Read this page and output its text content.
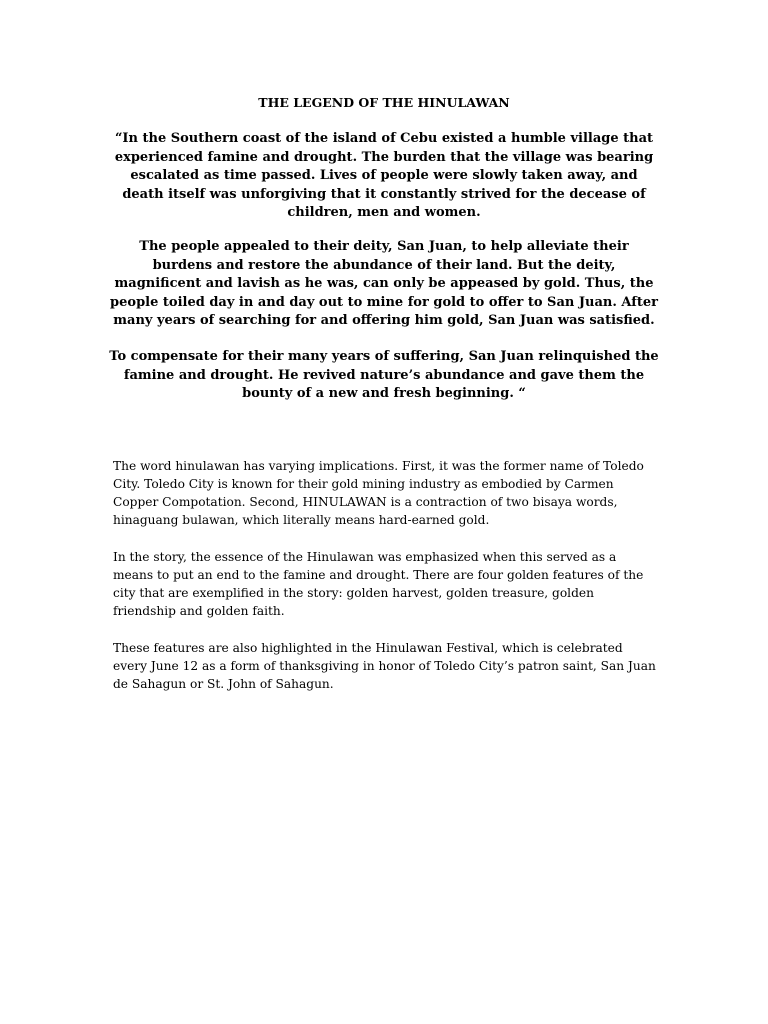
THE LEGEND OF THE HINULAWAN

“In the Southern coast of the island of Cebu existed a humble village that experienced famine and drought. The burden that the village was bearing escalated as time passed. Lives of people were slowly taken away, and death itself was unforgiving that it constantly strived for the decease of children, men and women.

The people appealed to their deity, San Juan, to help alleviate their burdens and restore the abundance of their land. But the deity, magnificent and lavish as he was, can only be appeased by gold. Thus, the people toiled day in and day out to mine for gold to offer to San Juan. After many years of searching for and offering him gold, San Juan was satisfied.

To compensate for their many years of suffering, San Juan relinquished the famine and drought. He revived nature’s abundance and gave them the bounty of a new and fresh beginning. “

The word hinulawan has varying implications. First, it was the former name of Toledo City. Toledo City is known for their gold mining industry as embodied by Carmen Copper Compotation. Second, HINULAWAN is a contraction of two bisaya words, hinaguang bulawan, which literally means hard-earned gold.

In the story, the essence of the Hinulawan was emphasized when this served as a means to put an end to the famine and drought. There are four golden features of the city that are exemplified in the story: golden harvest, golden treasure, golden friendship and golden faith.

These features are also highlighted in the Hinulawan Festival, which is celebrated every June 12 as a form of thanksgiving in honor of Toledo City’s patron saint, San Juan de Sahagun or St. John of Sahagun.
